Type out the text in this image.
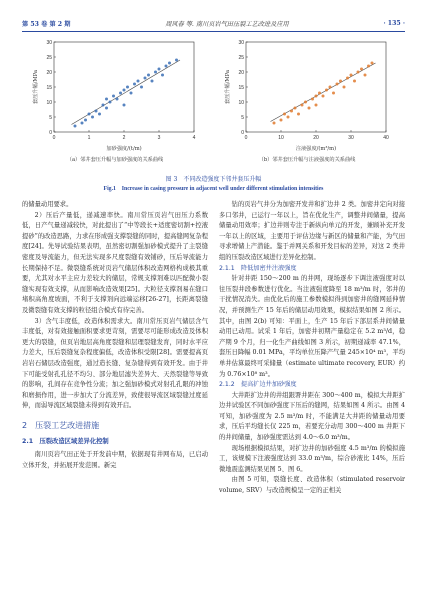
第 53 卷 第 2 期	周风春 等. 南川页岩气田压裂工艺改进及应用	· 135 ·
0	1	2	3	4
0
5
10
15
20
25
30
加砂强度/(t/m)
套压升幅/MPa
0	10	20	30	40
0
5
10
15
20
25
30
注液强度/(m³/m)
套压升幅/MPa
（a）邻井套压升幅与加砂强度的关系曲线	（b）邻井套压升幅与注液强度的关系曲线
图 3　不同改造强度下邻井套压升幅
Fig.1　Increase in casing pressure in adjacent well under different stimulation intensities

的储量动用要求。

2）压后产量低，递减速率快。南川常压页岩气田压力系数低，日产气量递减较快，对此提出了“中等段长+适度密切割+控液提砂”的改造思路，力求在形成强支撑裂缝的同时，提高缝网复杂程度[24]。先导试验结果表明，虽然密切割强加砂模式提升了主裂缝密度及导流能力，但无法实现多尺度裂缝有效铺砂，压后导流能力长期保持不足。微裂缝系统对页岩气储层体积改造网格构成极其重要，尤其对水平主应力差较大的储层，常规支撑剂难以匹配微小裂缝实现有效支撑，从而影响改造效果[25]。大粒径支撑剂易在缝口堵积高角度坡面，不利于支撑剂向远端运移[26-27]，长距离裂缝及微裂缝有效支撑的粒径组合模式有待完善。

3）含气丰度低，改造体积需求大。南川常压页岩气储层含气丰度低，对有效接触面积要求更苛刻，需要尽可能形成改造及体积更大的裂缝，但页岩地层高角度裂缝和层理裂缝发育，同时水平应力差大，压后裂缝复杂程度偏低，改造体积受限[28]。需要提高页岩岩石储层改造强度，通过造长缝、复杂缝得到有效开发。由于井下可能受射孔孔径不均匀、部分地层滤失差异大、天然裂缝等导致的影响，孔间存在竞争性分流；加之强加砂模式对射孔孔眼的冲蚀和磨损作用，进一步加大了分流差异，致使很导流区域裂缝过度延伸，而弱导流区域裂缝未得到有效开启。

2　压裂工艺改进措施

2.1　压裂改造区域差异化控制

南川页岩气田正处于开发前中期，依据现有井网布局，已启动立体开发，并拓展开发范围。新完

钻的页岩气井分为加密开发井和扩边井 2 类。加密井定向对接多口邻井，已运行一年以上，旨在优化生产，调整井间储量，提高储量动用效率；扩边井则专注于新纵向单元的开发，兼顾补充开发一年以上的区域，主要用于评估边缘与新区的储量和产能，为气田寻求增储上产潜能。鉴于并网关系和开发目标的差异，对这 2 类井组的压裂改造区域进行差异化控制。

2.1.1　降低加密井注液强度

针对井距 150～200 m 的井网，现场逐步下调注液强度对以往压裂井段参数进行优化。当注液强度降至 18 m³/m 时，邻井的干扰情况消失。由优化后的施工参数模拟得到加密井的缝网延伸情况，并预测生产 15 年后的储层动用效果，模拟结果如图 2 所示。其中，由图 2(b) 可知：平面上，生产 15 年后下部层系井间储量动用已动用。试采 1 年后，加密井初期产量稳定在 5.2 m³/d，稳产期 9 个月，归一化生产曲线如图 3 所示，初期递减率 47.1%，套压日降幅 0.01 MPa，平均单位压降产气量 245×10⁴ m³，平均单井估算最终可采储量（estimate ultimate recovery, EUR）约为 0.76×10⁸ m³。

2.1.2　提高扩边井加砂强度

大井距扩边井的井组跟署井距在 300～400 m，模拟大井距扩边井试验区不同加砂强度下压后的缝网，结果如图 4 所示。由图 4 可知，加砂强度为 2.5 m³/m 时，不能满足大井距的储量动用要求，压后平均缝长仅 225 m，若要充分动用 300～400 m 井距下的井间储量，加砂强度需达到 4.0～6.0 m³/m。

现场根据模拟结果，对扩边井的加砂强度 4.5 m³/m 的模拟施工，该规模下注液强度达到 33.0 m³/m，综合砂液比 14%，压后微地震监测结果见图 5、图 6。

由图 5 可知，裂缝长度、改造体积（stimulated reservoir volume, SRV）与改造规模呈一定的正相关
